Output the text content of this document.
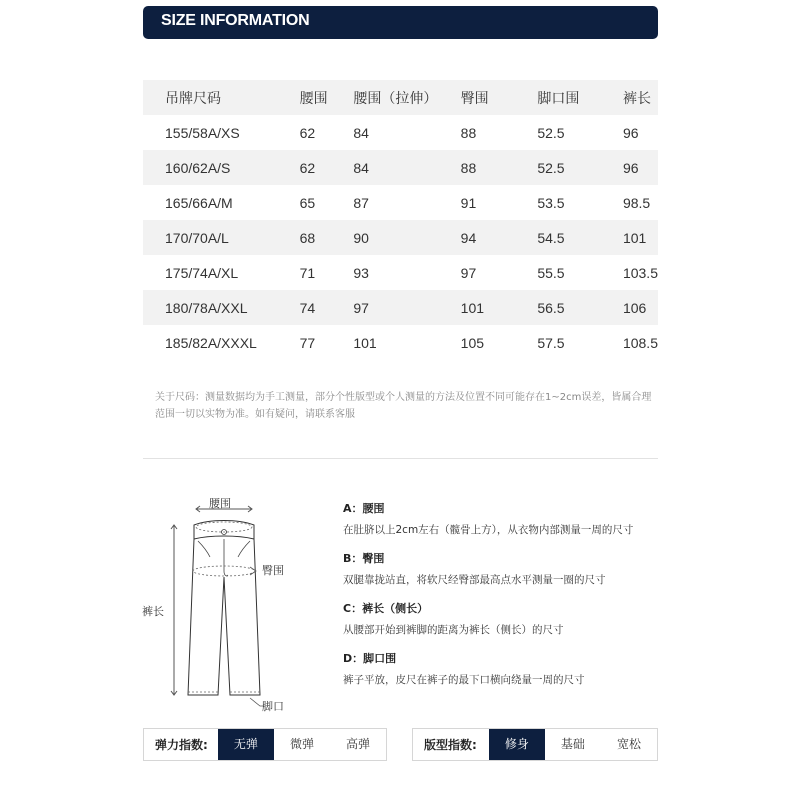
SIZE INFORMATION
吊牌尺码	腰围	腰围（拉伸）	臀围	脚口围	裤长
155/58A/XS	62	84	88	52.5	96
160/62A/S	62	84	88	52.5	96
165/66A/M	65	87	91	53.5	98.5
170/70A/L	68	90	94	54.5	101
175/74A/XL	71	93	97	55.5	103.5
180/78A/XXL	74	97	101	56.5	106
185/82A/XXXL	77	101	105	57.5	108.5
关于尺码：测量数据均为手工测量，部分个性版型或个人测量的方法及位置不同可能存在1~2cm误差，皆属合理
范围一切以实物为准。如有疑问，请联系客服
腰围
臀围
裤长
脚口
A：腰围
在肚脐以上2cm左右（髋骨上方），从衣物内部测量一周的尺寸
B：臀围
双腿靠拢站直，将软尺经臀部最高点水平测量一圈的尺寸
C：裤长（侧长）
从腰部开始到裤脚的距离为裤长（侧长）的尺寸
D：脚口围
裤子平放，皮尺在裤子的最下口横向绕量一周的尺寸
弹力指数:	无弹	微弹	高弹	版型指数:	修身	基础	宽松
